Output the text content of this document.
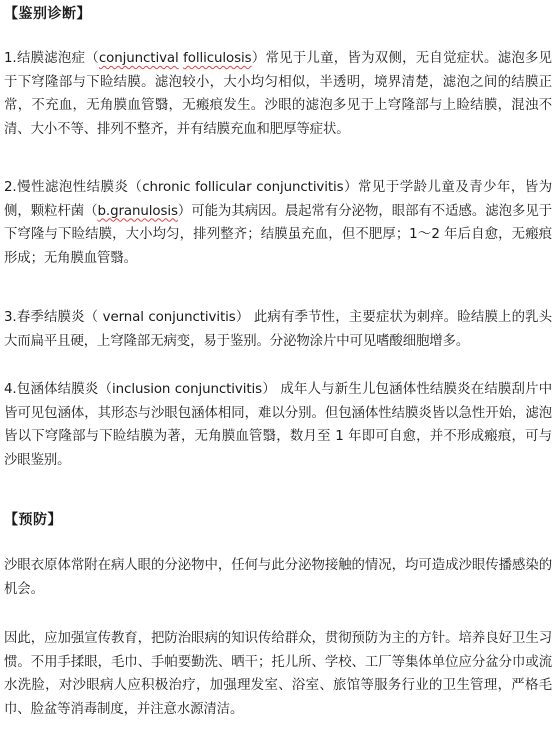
【鉴别诊断】

1.结膜滤泡症（conjunctival folliculosis）常见于儿童，皆为双侧，无自觉症状。滤泡多见于下穹隆部与下睑结膜。滤泡较小，大小均匀相似，半透明，境界清楚，滤泡之间的结膜正常，不充血，无角膜血管翳，无瘢痕发生。沙眼的滤泡多见于上穹隆部与上睑结膜，混浊不清、大小不等、排列不整齐，并有结膜充血和肥厚等症状。

2.慢性滤泡性结膜炎（chronic follicular conjunctivitis）常见于学龄儿童及青少年，皆为侧，颗粒杆菌（b.granulosis）可能为其病因。晨起常有分泌物，眼部有不适感。滤泡多见于下穹隆与下睑结膜，大小均匀，排列整齐；结膜虽充血，但不肥厚；1～2 年后自愈，无瘢痕形成；无角膜血管翳。

3.春季结膜炎（ vernal conjunctivitis） 此病有季节性，主要症状为刺痒。睑结膜上的乳头大而扁平且硬，上穹隆部无病变，易于鉴别。分泌物涂片中可见嗜酸细胞增多。

4.包涵体结膜炎（inclusion conjunctivitis） 成年人与新生儿包涵体性结膜炎在结膜刮片中皆可见包涵体，其形态与沙眼包涵体相同，难以分别。但包涵体性结膜炎皆以急性开始，滤泡皆以下穹隆部与下睑结膜为著，无角膜血管翳，数月至 1 年即可自愈，并不形成瘢痕，可与沙眼鉴别。

【预防】

沙眼衣原体常附在病人眼的分泌物中，任何与此分泌物接触的情况，均可造成沙眼传播感染的机会。

因此，应加强宣传教育，把防治眼病的知识传给群众，贯彻预防为主的方针。培养良好卫生习惯。不用手揉眼，毛巾、手帕要勤洗、晒干；托儿所、学校、工厂等集体单位应分盆分巾或流水洗脸，对沙眼病人应积极治疗，加强理发室、浴室、旅馆等服务行业的卫生管理，严格毛巾、脸盆等消毒制度，并注意水源清洁。
